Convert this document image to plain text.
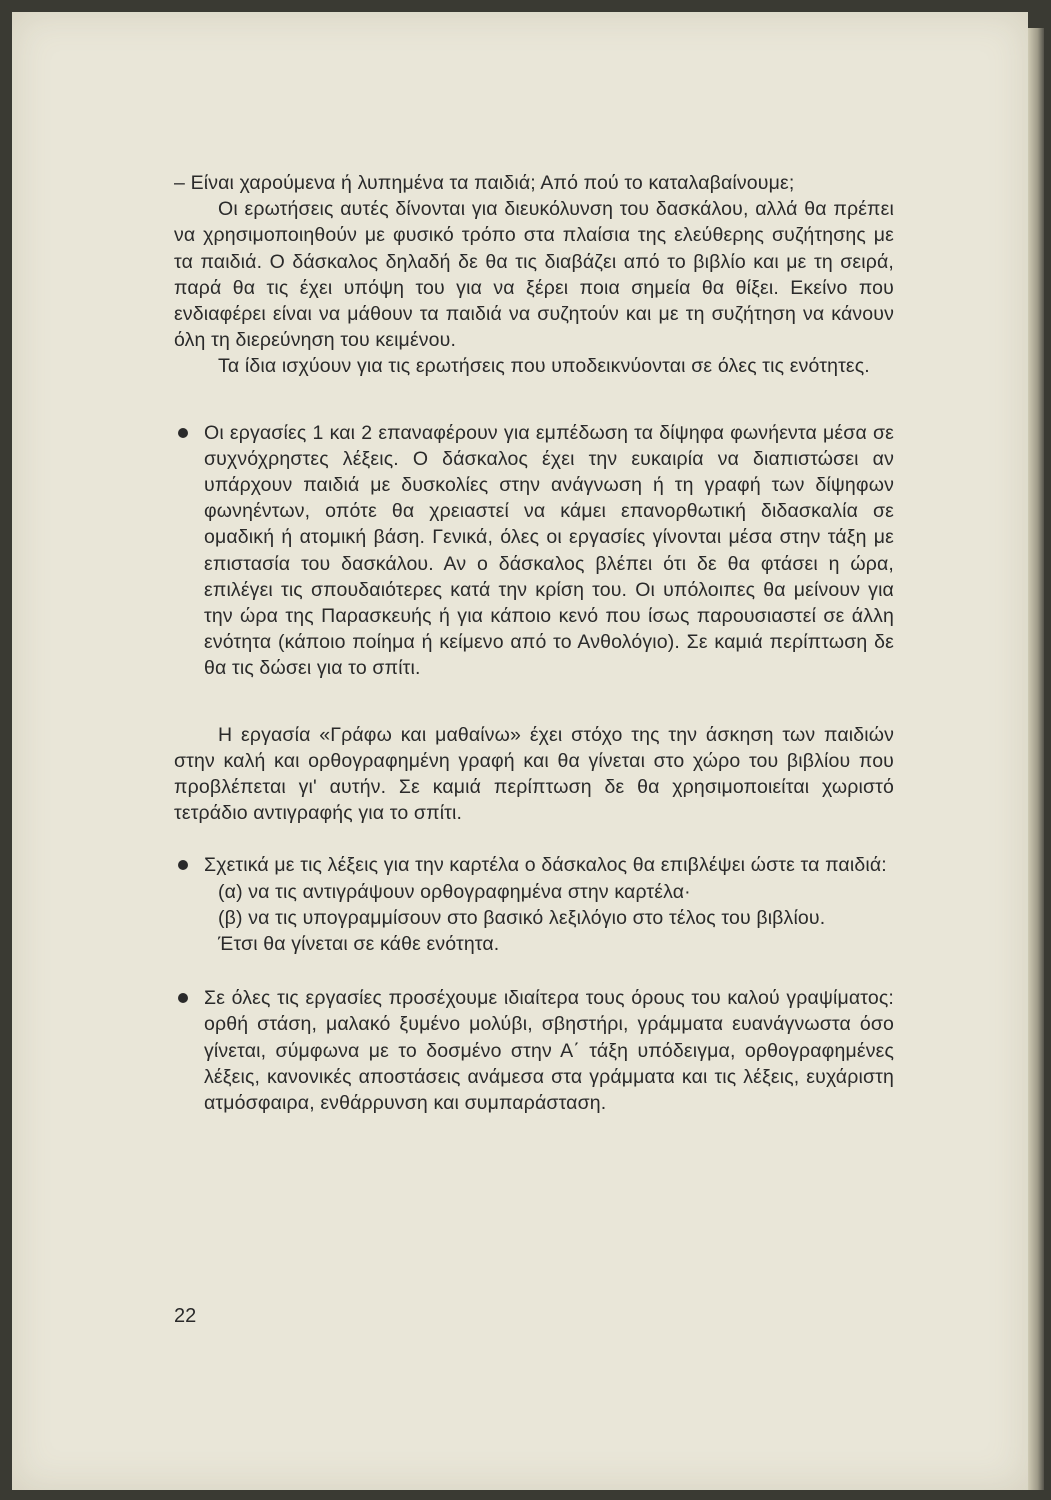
– Είναι χαρούμενα ή λυπημένα τα παιδιά; Από πού το καταλαβαίνουμε;

Οι ερωτήσεις αυτές δίνονται για διευκόλυνση του δασκάλου, αλλά θα πρέπει να χρησιμοποιηθούν με φυσικό τρόπο στα πλαίσια της ελεύθερης συζήτησης με τα παιδιά. Ο δάσκαλος δηλαδή δε θα τις διαβάζει από το βιβλίο και με τη σειρά, παρά θα τις έχει υπόψη του για να ξέρει ποια σημεία θα θίξει. Εκείνο που ενδιαφέρει είναι να μάθουν τα παιδιά να συζητούν και με τη συζήτηση να κάνουν όλη τη διερεύνηση του κειμένου.

Τα ίδια ισχύουν για τις ερωτήσεις που υποδεικνύονται σε όλες τις ενότητες.

Οι εργασίες 1 και 2 επαναφέρουν για εμπέδωση τα δίψηφα φωνήεντα μέσα σε συχνόχρηστες λέξεις. Ο δάσκαλος έχει την ευκαιρία να διαπιστώσει αν υπάρχουν παιδιά με δυσκολίες στην ανάγνωση ή τη γραφή των δίψηφων φωνηέντων, οπότε θα χρειαστεί να κάμει επανορθωτική διδασκαλία σε ομαδική ή ατομική βάση. Γενικά, όλες οι εργασίες γίνονται μέσα στην τάξη με επιστασία του δασκάλου. Αν ο δάσκαλος βλέπει ότι δε θα φτάσει η ώρα, επιλέγει τις σπουδαιότερες κατά την κρίση του. Οι υπόλοιπες θα μείνουν για την ώρα της Παρασκευής ή για κάποιο κενό που ίσως παρουσιαστεί σε άλλη ενότητα (κάποιο ποίημα ή κείμενο από το Ανθολόγιο). Σε καμιά περίπτωση δε θα τις δώσει για το σπίτι.

Η εργασία «Γράφω και μαθαίνω» έχει στόχο της την άσκηση των παιδιών στην καλή και ορθογραφημένη γραφή και θα γίνεται στο χώρο του βιβλίου που προβλέπεται γι' αυτήν. Σε καμιά περίπτωση δε θα χρησιμοποιείται χωριστό τετράδιο αντιγραφής για το σπίτι.

Σχετικά με τις λέξεις για την καρτέλα ο δάσκαλος θα επιβλέψει ώστε τα παιδιά:

(α) να τις αντιγράψουν ορθογραφημένα στην καρτέλα·

(β) να τις υπογραμμίσουν στο βασικό λεξιλόγιο στο τέλος του βιβλίου.

Έτσι θα γίνεται σε κάθε ενότητα.

Σε όλες τις εργασίες προσέχουμε ιδιαίτερα τους όρους του καλού γραψίματος: ορθή στάση, μαλακό ξυμένο μολύβι, σβηστήρι, γράμματα ευανάγνωστα όσο γίνεται, σύμφωνα με το δοσμένο στην Α΄ τάξη υπόδειγμα, ορθογραφημένες λέξεις, κανονικές αποστάσεις ανάμεσα στα γράμματα και τις λέξεις, ευχάριστη ατμόσφαιρα, ενθάρρυνση και συμπαράσταση.
22
